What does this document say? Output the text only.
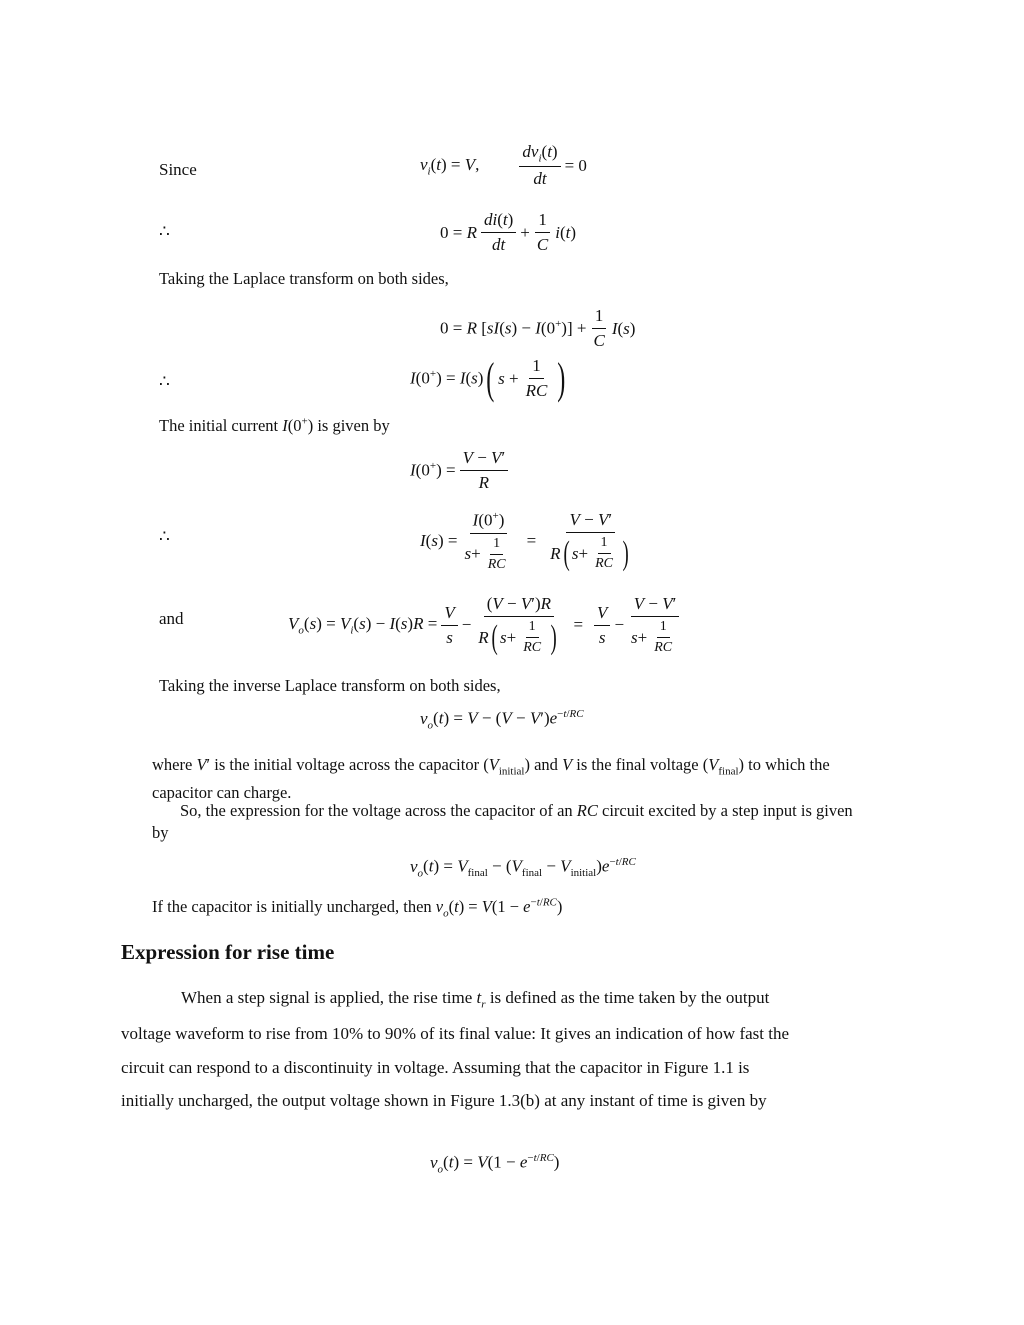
Since	$v_i(t) = V$, $\frac{dv_i(t)}{dt} = 0$
∴	0 = R $\frac{di(t)}{dt} + \frac{1}{C} i(t)$
Taking the Laplace transform on both sides,
0 = R $[sI(s) - I(0^+)] + \frac{1}{C} I(s)$
∴	I(0+) = I(s) ( $s + \frac{1}{RC}$ )
The initial current I(0+) is given by
$I(0^+) = \frac{V - V'}{R}$
∴	$I(s) = \frac{I(0^+)}{s + \frac{1}{RC}} = \frac{V - V'}{R ( s + \frac{1}{RC} )}$
and	$V_o(s) = V_i(s) - I(s)R = \frac{V}{s} - \frac{(V - V')R}{R ( s + \frac{1}{RC} )} = \frac{V}{s} - \frac{V - V'}{s + \frac{1}{RC}}$
Taking the inverse Laplace transform on both sides,
$v_o(t) = V - (V - V')e^{-t/RC}$
where V′ is the initial voltage across the capacitor $(V_{initial})$ and V is the final voltage $(V_{final})$ to which the capacitor can charge.
So, the expression for the voltage across the capacitor of an RC circuit excited by a step input is given by
$v_o(t) = V_{final} - (V_{final} - V_{initial})e^{-t/RC}$
If the capacitor is initially uncharged, then $v_o(t) = V(1 - e^{-t/RC})$
Expression for rise time
When a step signal is applied, the rise time $t_r$ is defined as the time taken by the output
voltage waveform to rise from 10% to 90% of its final value: It gives an indication of how fast the
circuit can respond to a discontinuity in voltage. Assuming that the capacitor in Figure 1.1 is
initially uncharged, the output voltage shown in Figure 1.3(b) at any instant of time is given by
$v_o(t) = V(1 - e^{-t/RC})$
